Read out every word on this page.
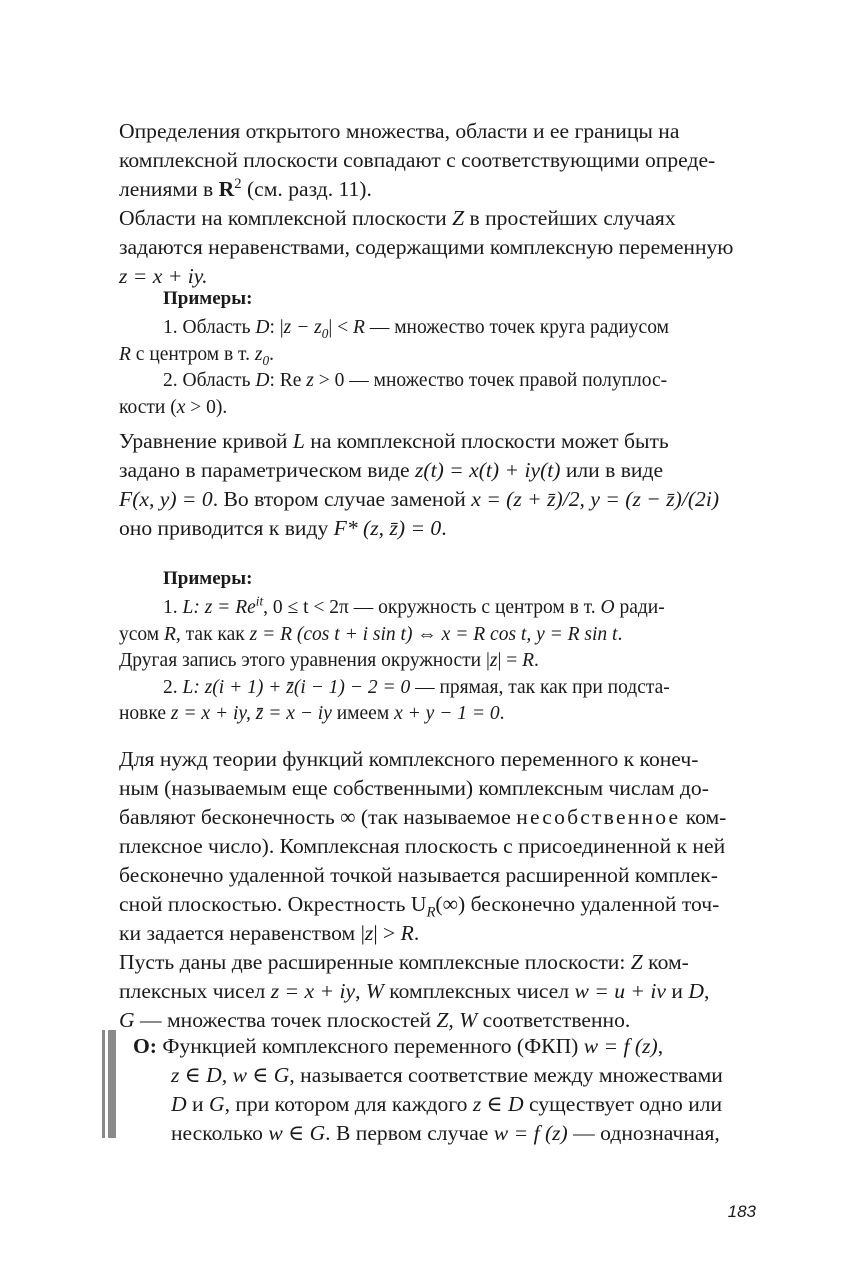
Определения открытого множества, области и ее границы на

комплексной плоскости совпадают с соответствующими опреде-

лениями в $R^2$ (см. разд. 11).

Области на комплексной плоскости Z в простейших случаях

задаются неравенствами, содержащими комплексную переменную

z = x + iy.

Примеры:

1. Область D: $|z - z_0| < R$ — множество точек круга радиусом

R с центром в т. $z_0$.

2. Область D: Re z > 0 — множество точек правой полуплос-

кости (x > 0).

Уравнение кривой L на комплексной плоскости может быть

задано в параметрическом виде z(t) = x(t) + iy(t) или в виде

F(x, y) = 0. Во втором случае заменой x = (z + z̄)/2, y = (z − z̄)/(2i)

оно приводится к виду F* (z, z̄) = 0.

Примеры:

1. L: $z = Re^{it}$, 0 ≤ t < 2π — окружность с центром в т. O ради-

усом R, так как z = R (cos t + i sin t) ⇔ x = R cos t, y = R sin t.

Другая запись этого уравнения окружности |z| = R.

2. L: z(i + 1) + z̄(i − 1) − 2 = 0 — прямая, так как при подста-

новке z = x + iy, z̄ = x − iy имеем x + y − 1 = 0.

Для нужд теории функций комплексного переменного к конеч-

ным (называемым еще собственными) комплексным числам до-

бавляют бесконечность ∞ (так называемое несобственное ком-

плексное число). Комплексная плоскость с присоединенной к ней

бесконечно удаленной точкой называется расширенной комплек-

сной плоскостью. Окрестность $U_R(\infty)$ бесконечно удаленной точ-

ки задается неравенством |z| > R.

Пусть даны две расширенные комплексные плоскости: Z ком-

плексных чисел z = x + iy, W комплексных чисел w = u + iv и D,

G — множества точек плоскостей Z, W соответственно.

О: Функцией комплексного переменного (ФКП) w = f (z),

z ∈ D, w ∈ G, называется соответствие между множествами

D и G, при котором для каждого z ∈ D существует одно или

несколько w ∈ G. В первом случае w = f (z) — однозначная,

183
